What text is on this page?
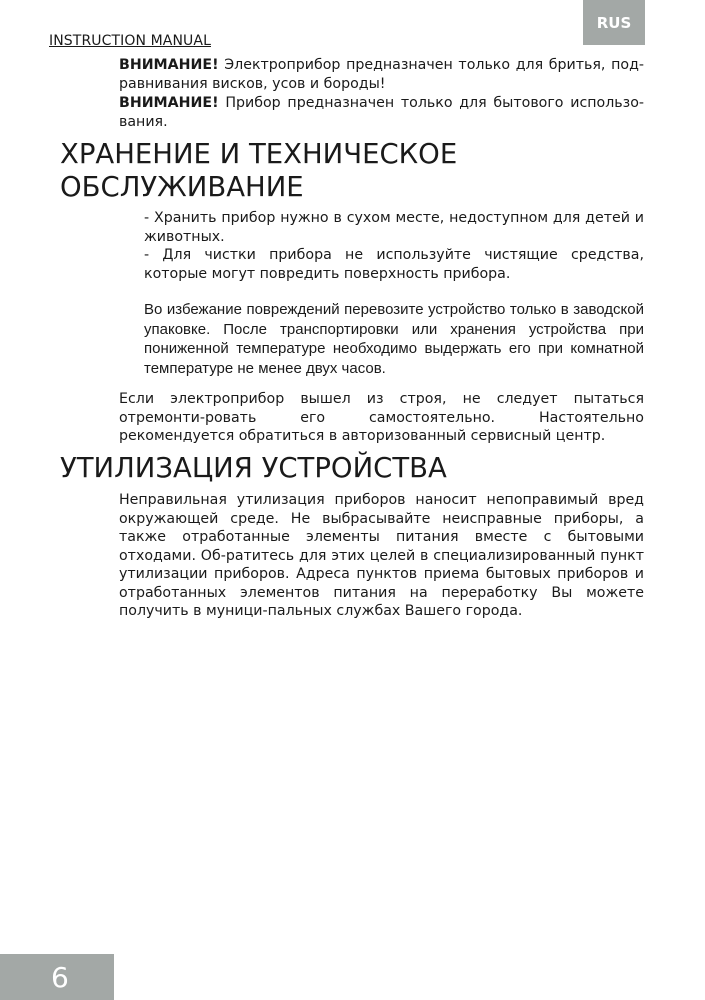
RUS
INSTRUCTION MANUAL

ВНИМАНИЕ! Электроприбор предназначен только для бритья, под-равнивания висков, усов и бороды!

ВНИМАНИЕ! Прибор предназначен только для бытового использо-вания.

ХРАНЕНИЕ И ТЕХНИЧЕСКОЕ
ОБСЛУЖИВАНИЕ

- Хранить прибор нужно в сухом месте, недоступном для детей и животных.

- Для чистки прибора не используйте чистящие средства, которые могут повредить поверхность прибора.

Во избежание повреждений перевозите устройство только в заводской упаковке. После транспортировки или хранения устройства при пониженной температуре необходимо выдержать его при комнатной температуре не менее двух часов.

Если электроприбор вышел из строя, не следует пытаться отремонти-ровать его самостоятельно. Настоятельно рекомендуется обратиться в авторизованный сервисный центр.

УТИЛИЗАЦИЯ УСТРОЙСТВА

Неправильная утилизация приборов наносит непоправимый вред окружающей среде. Не выбрасывайте неисправные приборы, а также отработанные элементы питания вместе с бытовыми отходами. Об-ратитесь для этих целей в специализированный пункт утилизации приборов. Адреса пунктов приема бытовых приборов и отработанных элементов питания на переработку Вы можете получить в муници-пальных службах Вашего города.

6
